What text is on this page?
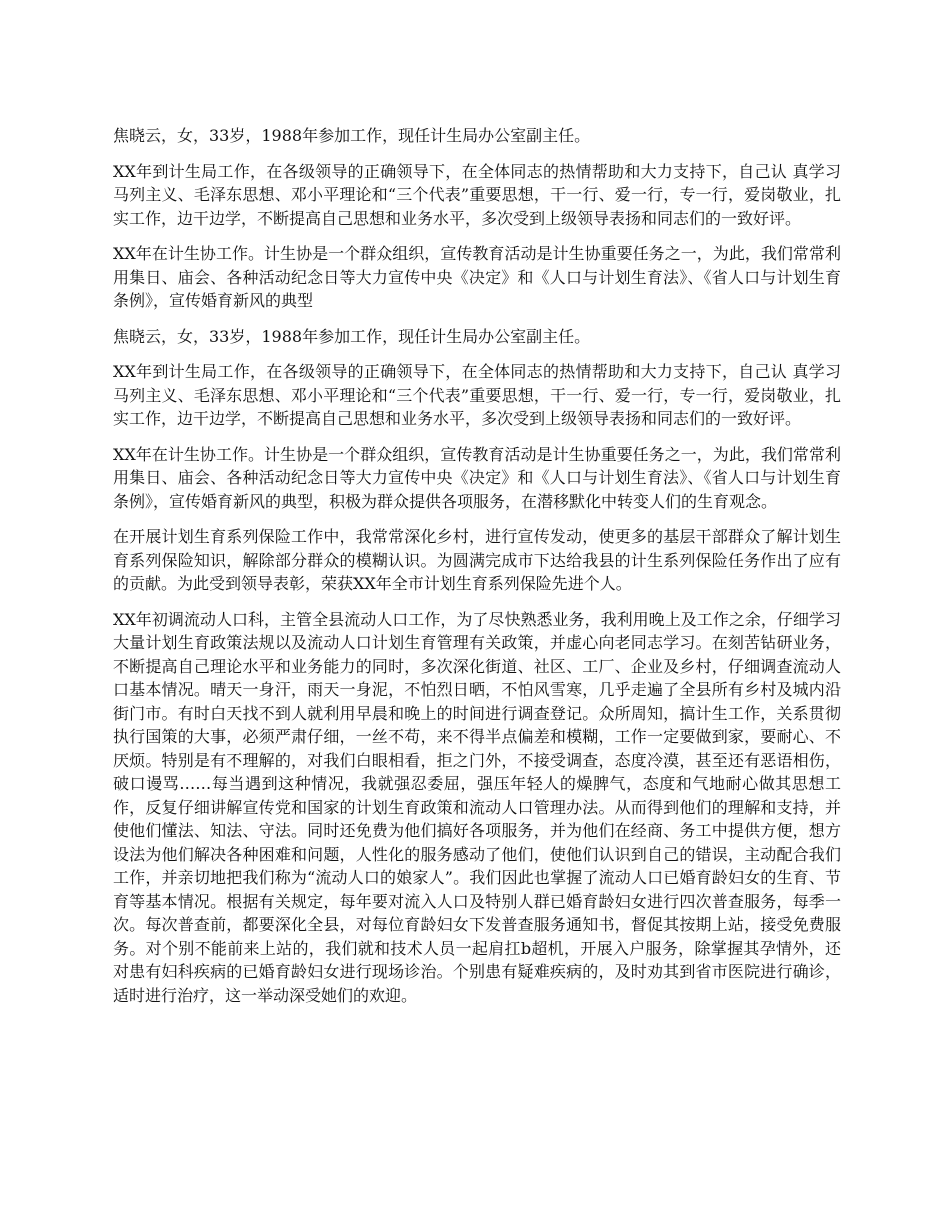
焦晓云，女，33岁，1988年参加工作，现任计生局办公室副主任。

XX年到计生局工作，在各级领导的正确领导下，在全体同志的热情帮助和大力支持下，自己认 真学习马列主义、毛泽东思想、邓小平理论和“三个代表”重要思想，干一行、爱一行，专一行，爱岗敬业，扎实工作，边干边学，不断提高自己思想和业务水平，多次受到上级领导表扬和同志们的一致好评。

XX年在计生协工作。计生协是一个群众组织，宣传教育活动是计生协重要任务之一，为此，我们常常利用集日、庙会、各种活动纪念日等大力宣传中央《决定》和《人口与计划生育法》、《省人口与计划生育条例》，宣传婚育新风的典型

焦晓云，女，33岁，1988年参加工作，现任计生局办公室副主任。

XX年到计生局工作，在各级领导的正确领导下，在全体同志的热情帮助和大力支持下，自己认 真学习马列主义、毛泽东思想、邓小平理论和“三个代表”重要思想，干一行、爱一行，专一行，爱岗敬业，扎实工作，边干边学，不断提高自己思想和业务水平，多次受到上级领导表扬和同志们的一致好评。

XX年在计生协工作。计生协是一个群众组织，宣传教育活动是计生协重要任务之一，为此，我们常常利用集日、庙会、各种活动纪念日等大力宣传中央《决定》和《人口与计划生育法》、《省人口与计划生育条例》，宣传婚育新风的典型，积极为群众提供各项服务，在潜移默化中转变人们的生育观念。

在开展计划生育系列保险工作中，我常常深化乡村，进行宣传发动，使更多的基层干部群众了解计划生育系列保险知识，解除部分群众的模糊认识。为圆满完成市下达给我县的计生系列保险任务作出了应有的贡献。为此受到领导表彰，荣获XX年全市计划生育系列保险先进个人。

XX年初调流动人口科，主管全县流动人口工作，为了尽快熟悉业务，我利用晚上及工作之余，仔细学习大量计划生育政策法规以及流动人口计划生育管理有关政策，并虚心向老同志学习。在刻苦钻研业务，不断提高自己理论水平和业务能力的同时，多次深化街道、社区、工厂、企业及乡村，仔细调查流动人口基本情况。晴天一身汗，雨天一身泥，不怕烈日晒，不怕风雪寒，几乎走遍了全县所有乡村及城内沿街门市。有时白天找不到人就利用早晨和晚上的时间进行调查登记。众所周知，搞计生工作，关系贯彻执行国策的大事，必须严肃仔细，一丝不苟，来不得半点偏差和模糊，工作一定要做到家，要耐心、不厌烦。特别是有不理解的，对我们白眼相看，拒之门外，不接受调查，态度冷漠，甚至还有恶语相伤，破口谩骂……每当遇到这种情况，我就强忍委屈，强压年轻人的燥脾气，态度和气地耐心做其思想工作，反复仔细讲解宣传党和国家的计划生育政策和流动人口管理办法。从而得到他们的理解和支持，并使他们懂法、知法、守法。同时还免费为他们搞好各项服务，并为他们在经商、务工中提供方便，想方设法为他们解决各种困难和问题，人性化的服务感动了他们，使他们认识到自己的错误，主动配合我们工作，并亲切地把我们称为“流动人口的娘家人”。我们因此也掌握了流动人口已婚育龄妇女的生育、节育等基本情况。根据有关规定，每年要对流入人口及特别人群已婚育龄妇女进行四次普查服务，每季一次。每次普查前，都要深化全县，对每位育龄妇女下发普查服务通知书，督促其按期上站，接受免费服务。对个别不能前来上站的，我们就和技术人员一起肩扛b超机，开展入户服务，除掌握其孕情外，还对患有妇科疾病的已婚育龄妇女进行现场诊治。个别患有疑难疾病的，及时劝其到省市医院进行确诊，适时进行治疗，这一举动深受她们的欢迎。
